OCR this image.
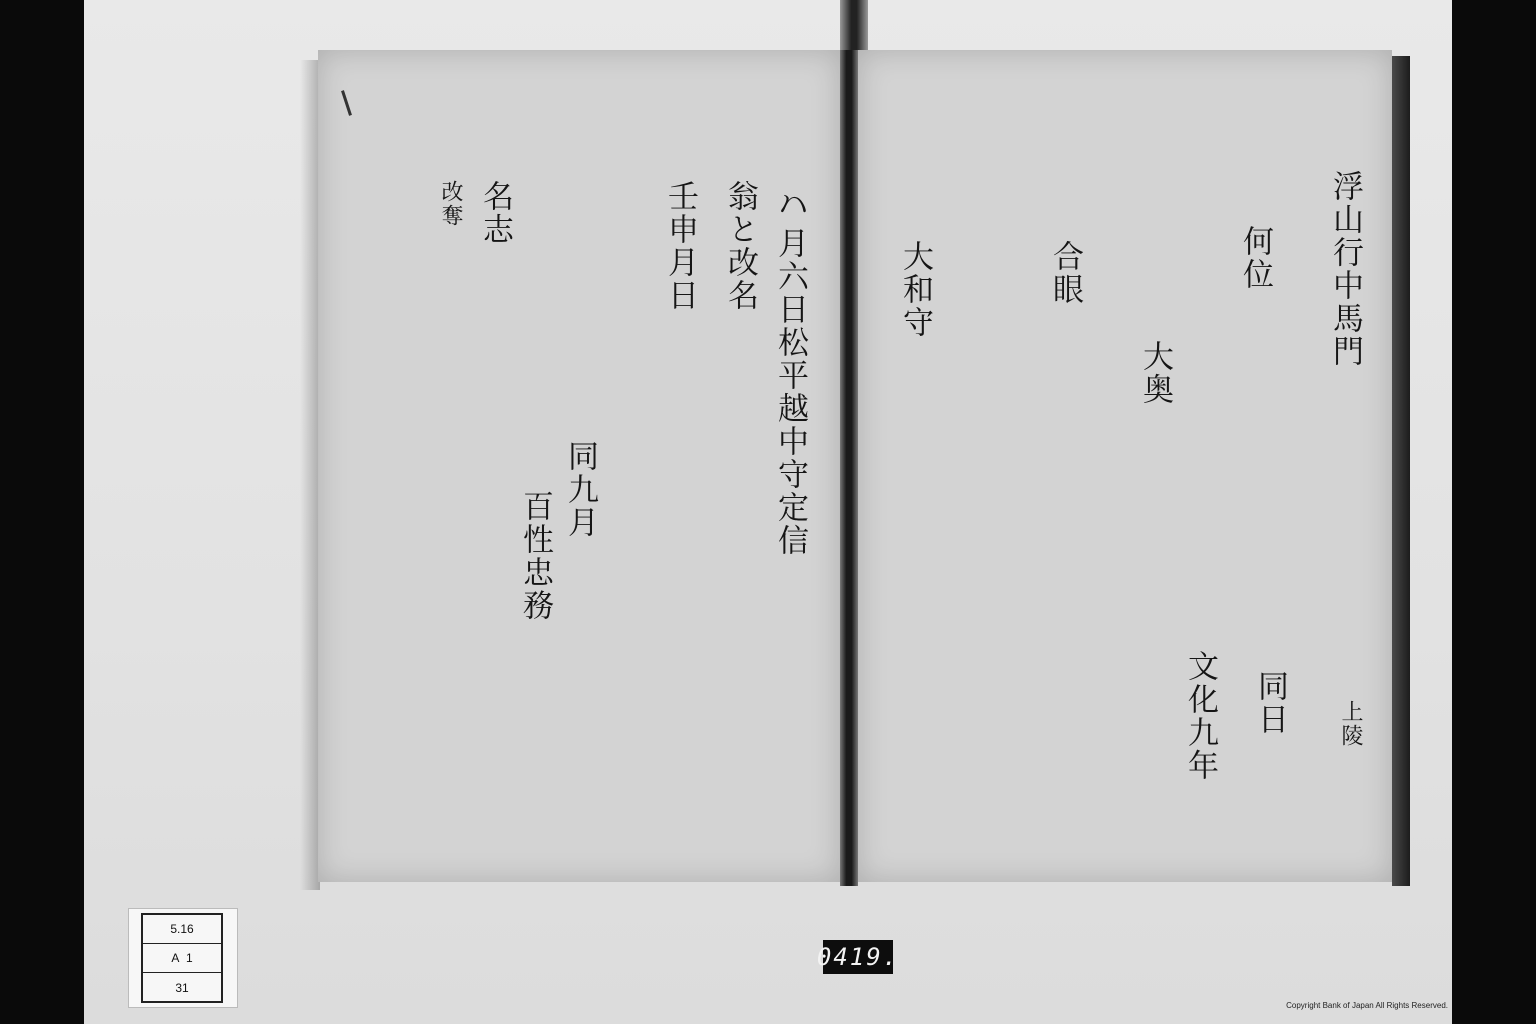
𛂞月六日松平越中守定信
翁と改名
壬申月日
同九月
百性忠務
名志
改奪	浮山行中馬門
何位
文化九年
大奥
合眼
同日 上陵
大和守
5.16
A  1
31
0419.
Copyright Bank of Japan All Rights Reserved.
